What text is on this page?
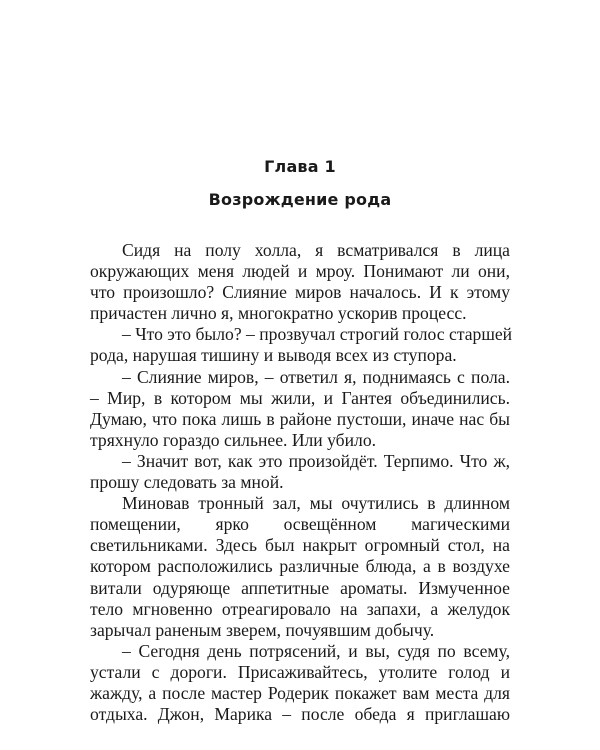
Глава 1
Возрождение рода
Сидя на полу холла, я всматривался в лица
окружающих меня людей и мроу. Понимают ли они,
что произошло? Слияние миров началось. И к этому
причастен лично я, многократно ускорив процесс.
– Что это было? – прозвучал строгий голос старшей
рода, нарушая тишину и выводя всех из ступора.
– Слияние миров, – ответил я, поднимаясь с пола.
– Мир, в котором мы жили, и Гантея объединились.
Думаю, что пока лишь в районе пустоши, иначе нас бы
тряхнуло гораздо сильнее. Или убило.
– Значит вот, как это произойдёт. Терпимо. Что ж,
прошу следовать за мной.
Миновав тронный зал, мы очутились в длинном
помещении, ярко освещённом магическими
светильниками. Здесь был накрыт огромный стол, на
котором расположились различные блюда, а в воздухе
витали одуряюще аппетитные ароматы. Измученное
тело мгновенно отреагировало на запахи, а желудок
зарычал раненым зверем, почуявшим добычу.
– Сегодня день потрясений, и вы, судя по всему,
устали с дороги. Присаживайтесь, утолите голод и
жажду, а после мастер Родерик покажет вам места для
отдыха. Джон, Марика – после обеда я приглашаю
